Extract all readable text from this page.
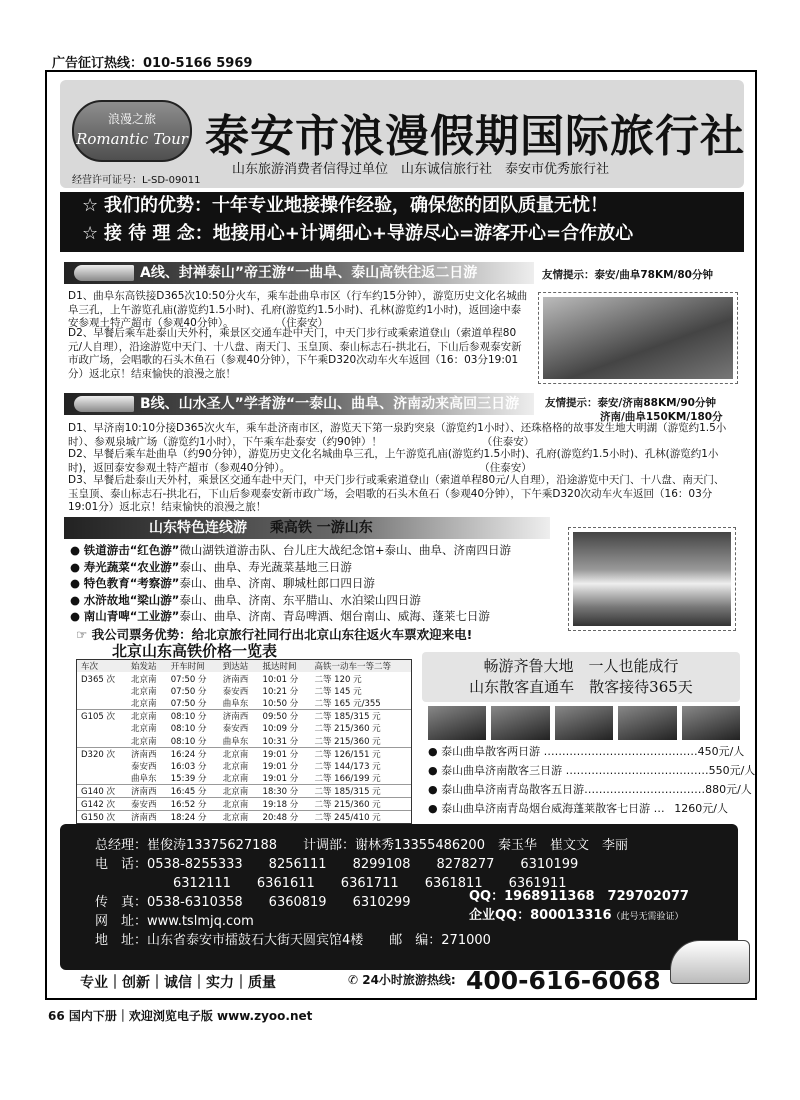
广告征订热线：010-5166 5969
浪漫之旅
Romantic Tour 泰安市浪漫假期国际旅行社
山东旅游消费者信得过单位　山东诚信旅行社　泰安市优秀旅行社
经营许可证号：L-SD-09011
☆ 我们的优势：十年专业地接操作经验，确保您的团队质量无忧！
☆ 接 待 理 念：地接用心+计调细心+导游尽心=游客开心=合作放心
A线、封禅泰山”帝王游“一曲阜、泰山高铁往返二日游	友情提示：泰安/曲阜78KM/80分钟
D1、曲阜东高铁接D365次10:50分火车，乘车赴曲阜市区（行车约15分钟），游览历史文化名城曲阜三孔，上午游览孔庙(游览约1.5小时)、孔府(游览约1.5小时)、孔林(游览约1小时)，返回途中泰安参观土特产超市（参观40分钟）。　　　　　（住泰安）
D2、早餐后乘车赴泰山天外村，乘景区交通车赴中天门，中天门步行或乘索道登山（索道单程80元/人自理），沿途游览中天门、十八盘、南天门、玉皇顶、泰山标志石-拱北石，下山后参观泰安新市政广场，会唱歌的石头木鱼石（参观40分钟），下午乘D320次动车火车返回（16：03分19:01分）返北京！结束愉快的浪漫之旅！
B线、山水圣人”学者游“一泰山、曲阜、济南动来高回三日游	友情提示：泰安/济南88KM/90分钟
济南/曲阜150KM/180分
D1、早济南10:10分接D365次火车，乘车赴济南市区，游览天下第一泉趵突泉（游览约1小时）、还珠格格的故事发生地大明湖（游览约1.5小时）、参观泉城广场（游览约1小时），下午乘车赴泰安（约90钟）！　　　　　　　　　　（住泰安）
D2、早餐后乘车赴曲阜（约90分钟），游览历史文化名城曲阜三孔，上午游览孔庙(游览约1.5小时)、孔府(游览约1.5小时)、孔林(游览约1小时)，返回泰安参观土特产超市（参观40分钟）。　　　　　　　　　　　　　　　　　　　（住泰安）
D3、早餐后赴泰山天外村，乘景区交通车赴中天门，中天门步行或乘索道登山（索道单程80元/人自理），沿途游览中天门、十八盘、南天门、玉皇顶、泰山标志石-拱北石，下山后参观泰安新市政广场，会唱歌的石头木鱼石（参观40分钟），下午乘D320次动车火车返回（16：03分19:01分）返北京！结束愉快的浪漫之旅！
山东特色连线游 乘高铁 一游山东
● 铁道游击“红色游”微山湖铁道游击队、台儿庄大战纪念馆+泰山、曲阜、济南四日游
● 寿光蔬菜“农业游”泰山、曲阜、寿光蔬菜基地三日游
● 特色教育“考察游”泰山、曲阜、济南、聊城杜郎口四日游
● 水浒故地“梁山游”泰山、曲阜、济南、东平腊山、水泊梁山四日游
● 南山青啤“工业游”泰山、曲阜、济南、青岛啤酒、烟台南山、威海、蓬莱七日游
☞ 我公司票务优势：给北京旅行社同行出北京山东往返火车票欢迎来电!
北京山东高铁价格一览表
车次	始发站	开车时间	到达站	抵达时间	高铁一动车一等二等
D365 次	北京南	07:50 分	济南西	10:01 分	二等 120 元
	北京南	07:50 分	泰安西	10:21 分	二等 145 元
	北京南	07:50 分	曲阜东	10:50 分	二等 165 元/355
G105 次	北京南	08:10 分	济南西	09:50 分	二等 185/315 元
	北京南	08:10 分	泰安西	10:09 分	二等 215/360 元
	北京南	08:10 分	曲阜东	10:31 分	二等 215/360 元
D320 次	济南西	16:24 分	北京南	19:01 分	二等 126/151 元
	泰安西	16:03 分	北京南	19:01 分	二等 144/173 元
	曲阜东	15:39 分	北京南	19:01 分	二等 166/199 元
G140 次	济南西	16:45 分	北京南	18:30 分	二等 185/315 元
G142 次	泰安西	16:52 分	北京南	19:18 分	二等 215/360 元
G150 次	济南西	18:24 分	北京南	20:48 分	二等 245/410 元
畅游齐鲁大地　一人也能成行
山东散客直通车　散客接待365天
● 泰山曲阜散客两日游 …………………………………… 450元/人
● 泰山曲阜济南散客三日游 ………………………………… 550元/人
● 泰山曲阜济南青岛散客五日游…………………………… 880元/人
● 泰山曲阜济南青岛烟台威海蓬莱散客七日游 … 1260元/人
总经理：崔俊涛13375627188　　计调部：谢林秀13355486200　秦玉华　崔文文　李丽
电　话：0538-8255333　　8256111　　8299108　　8278277　　6310199
　　　　　　6312111　　6361611　　6361711　　6361811　　6361911
传　真：0538-6310358　　6360819　　6310299
网　址：www.tslmjq.com
地　址：山东省泰安市擂鼓石大街天圆宾馆4楼　　邮　编：271000
QQ：1968911368　729702077
企业QQ：800013316（此号无需验证）
专业｜创新｜诚信｜实力｜质量	✆ 24小时旅游热线: 400-616-6068
66 国内下册｜欢迎浏览电子版 www.zyoo.net
